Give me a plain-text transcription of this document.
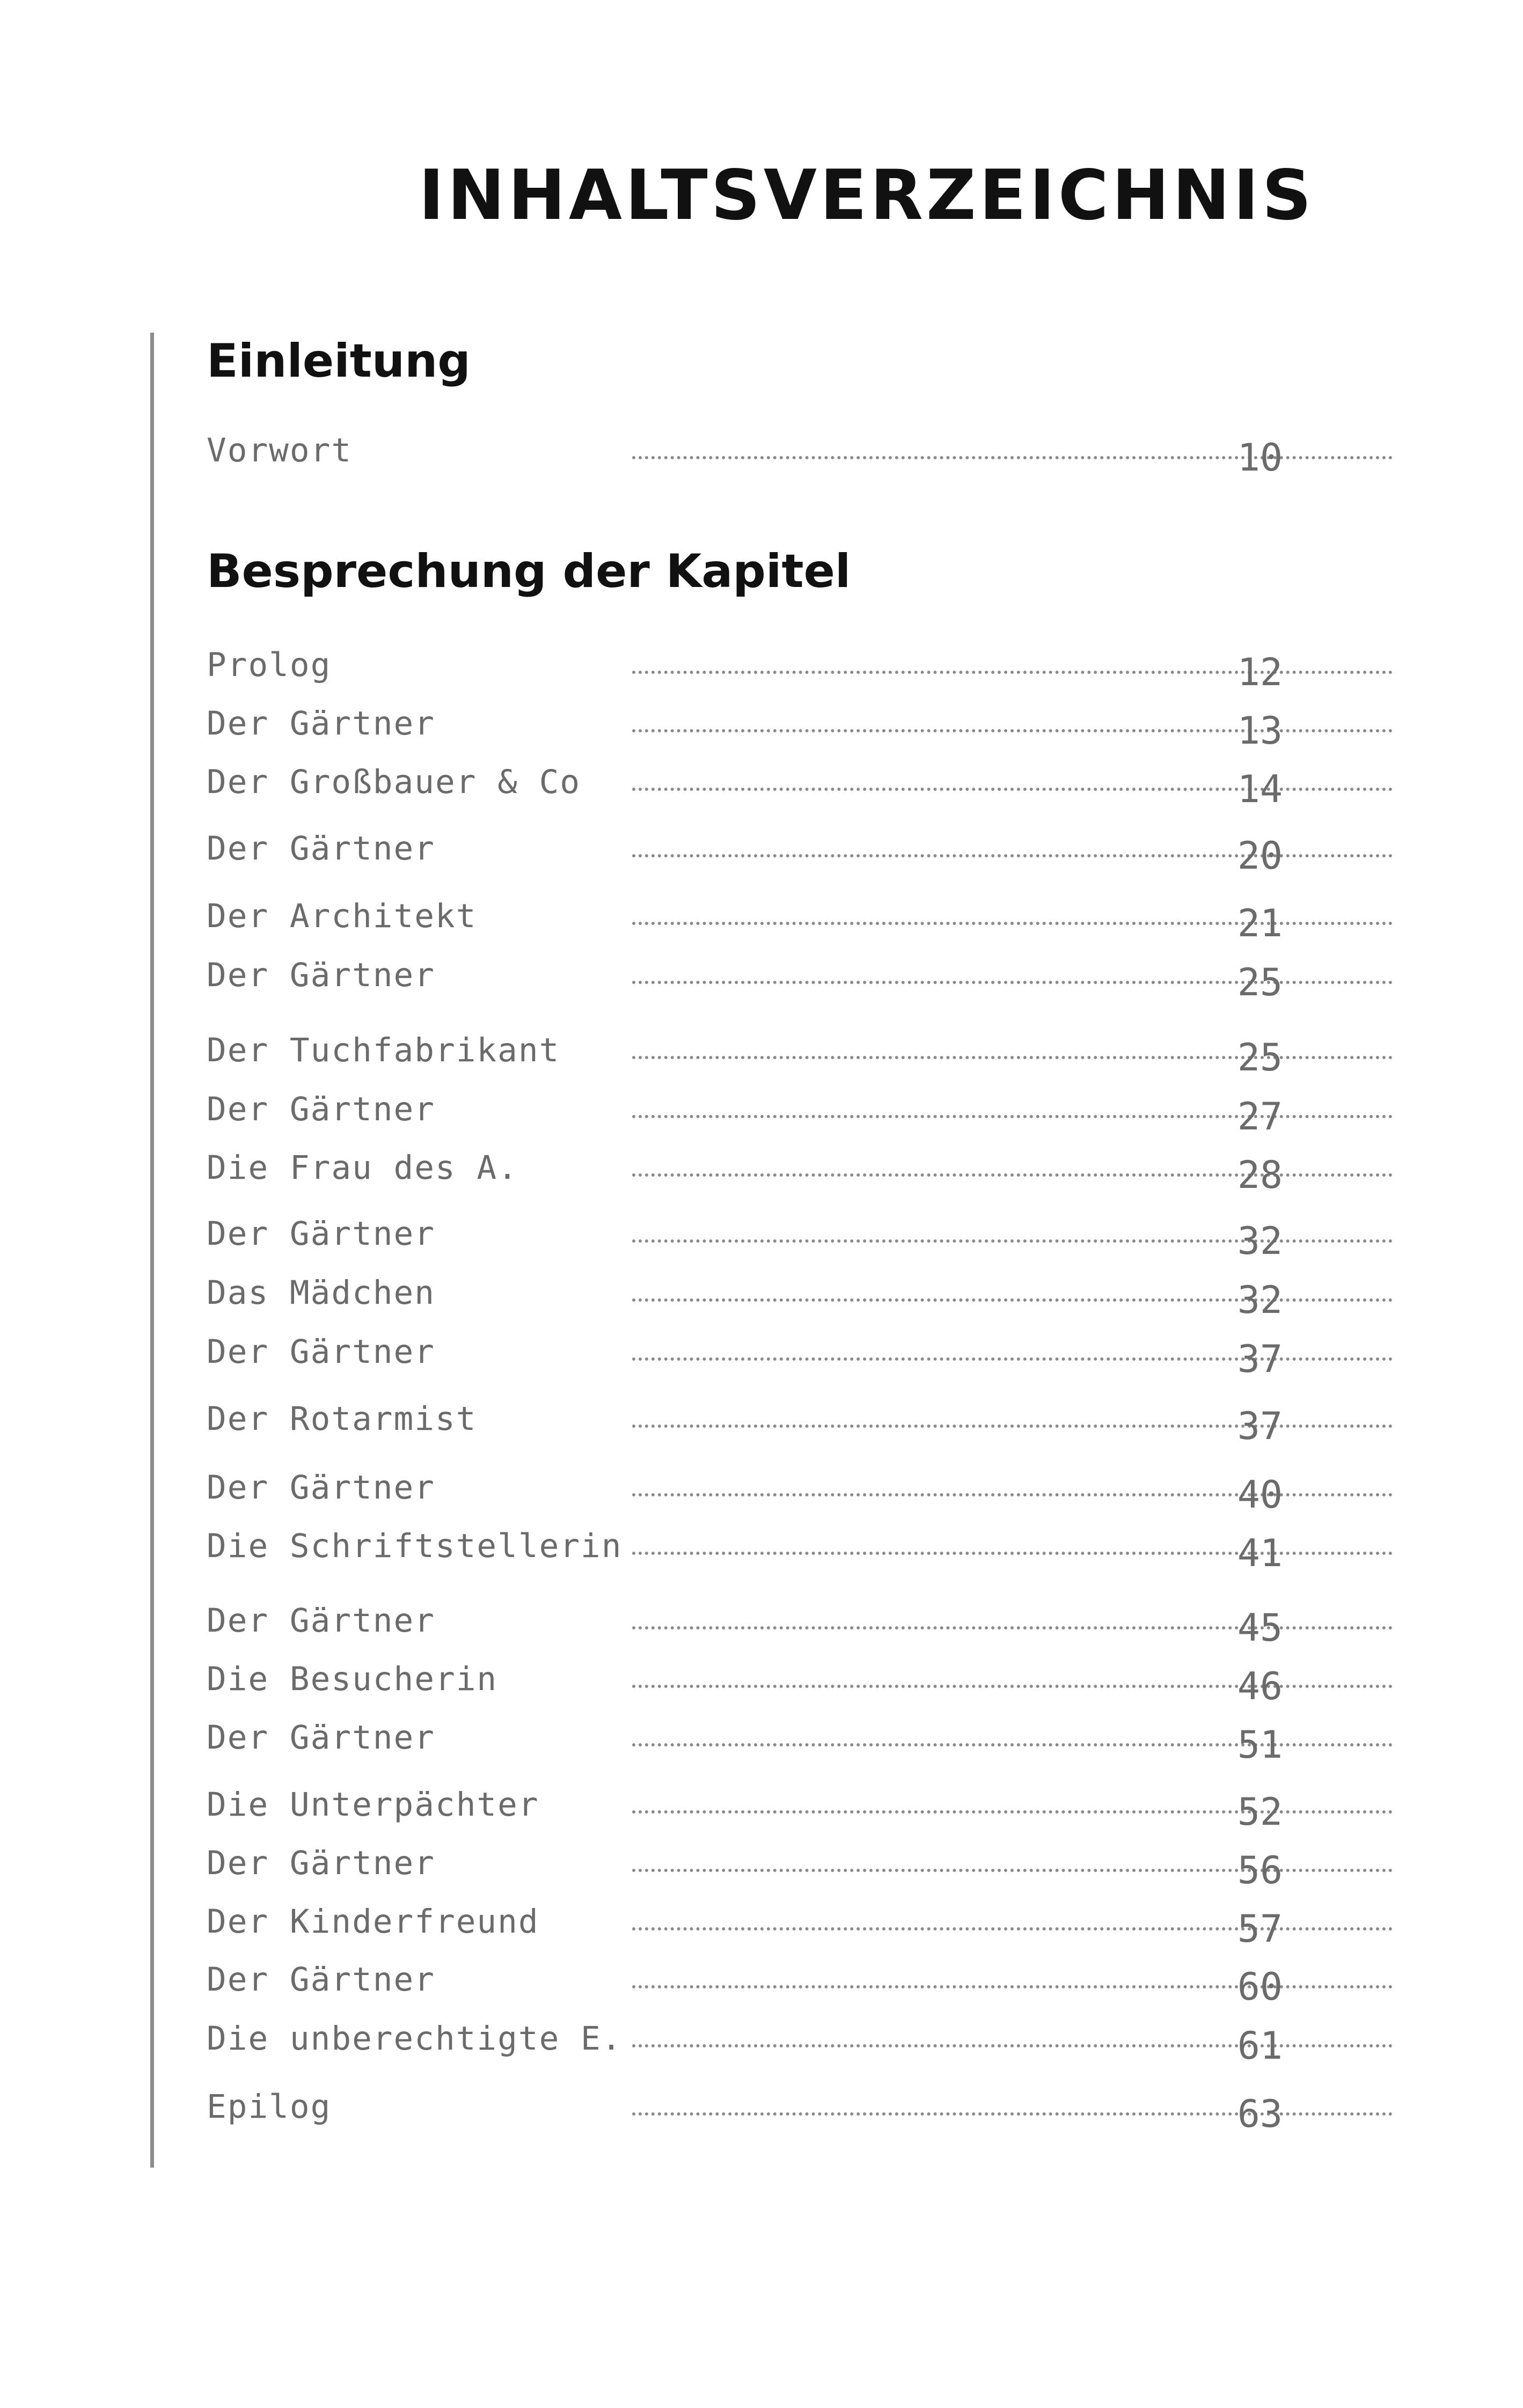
INHALTSVERZEICHNIS
Einleitung
Vorwort	10
Besprechung der Kapitel
Prolog	12
Der Gärtner	13
Der Großbauer & Co	14
Der Gärtner	20
Der Architekt	21
Der Gärtner	25
Der Tuchfabrikant	25
Der Gärtner	27
Die Frau des A.	28
Der Gärtner	32
Das Mädchen	32
Der Gärtner	37
Der Rotarmist	37
Der Gärtner	40
Die Schriftstellerin	41
Der Gärtner	45
Die Besucherin	46
Der Gärtner	51
Die Unterpächter	52
Der Gärtner	56
Der Kinderfreund	57
Der Gärtner	60
Die unberechtigte E.	61
Epilog	63
